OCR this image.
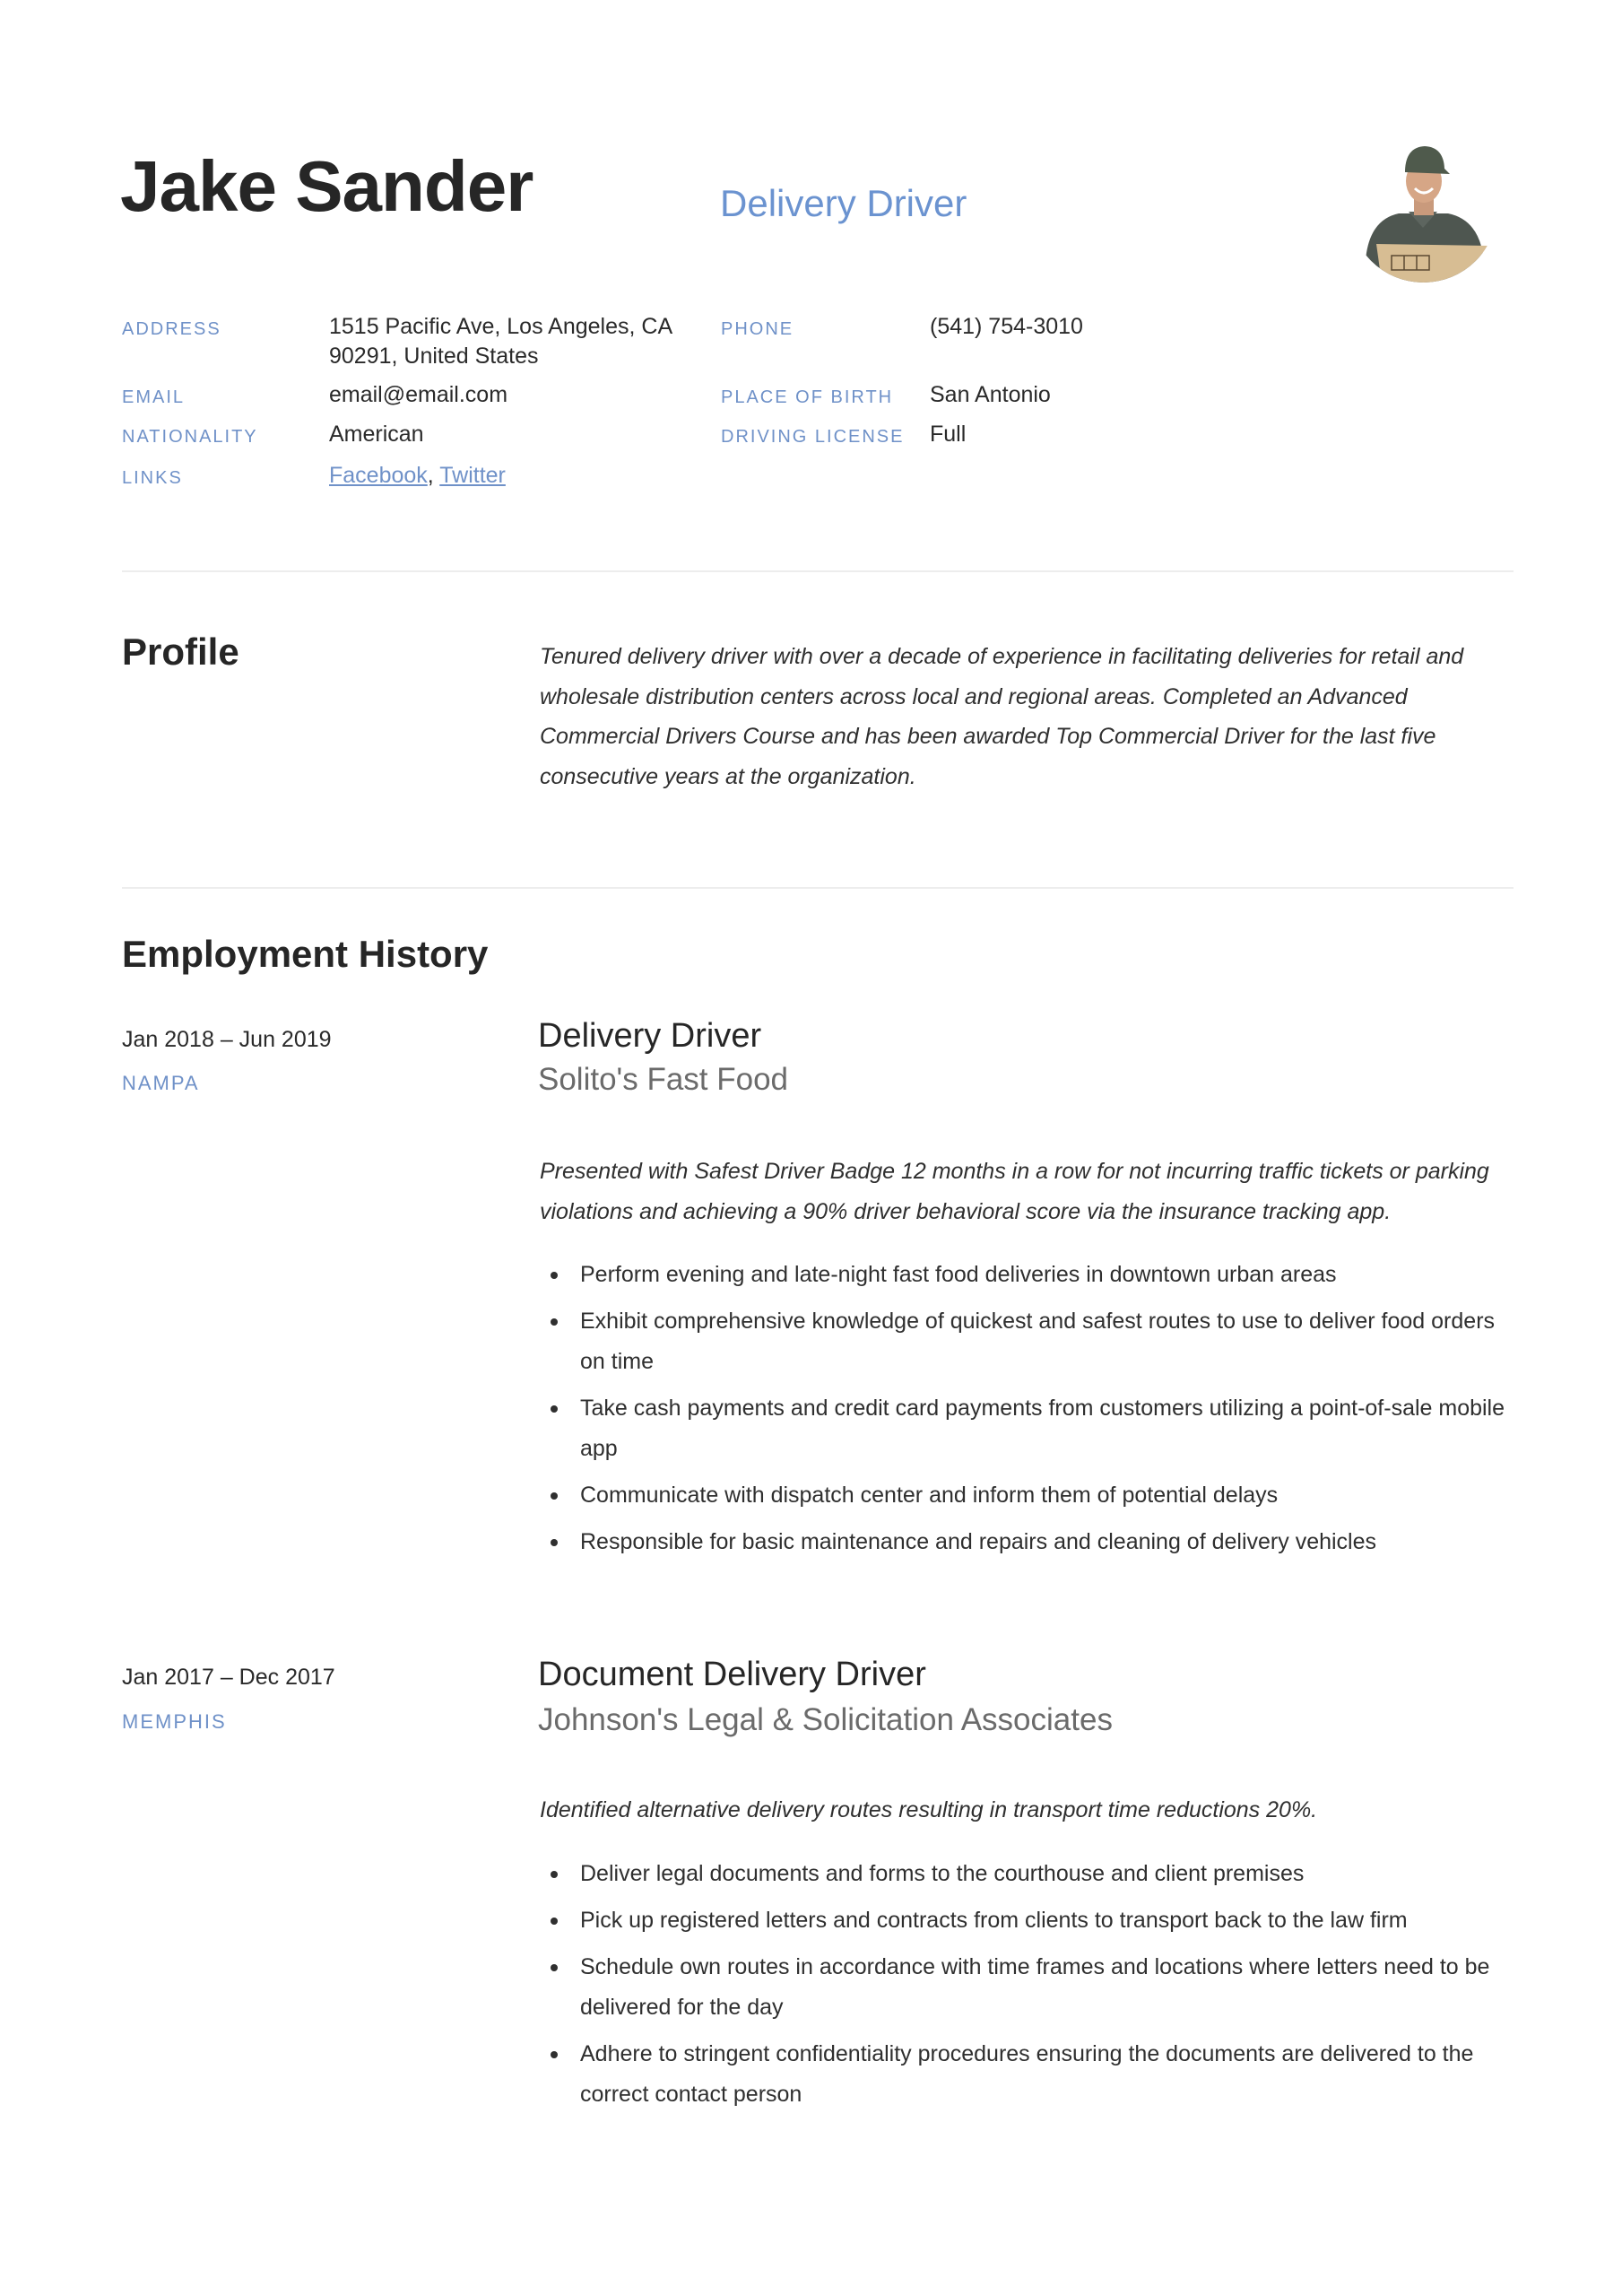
Jake Sander	Delivery Driver
ADDRESS	1515 Pacific Ave, Los Angeles, CA
90291, United States
EMAIL	email@email.com
NATIONALITY	American
LINKS	Facebook, Twitter
PHONE	(541) 754-3010
PLACE OF BIRTH San Antonio
DRIVING LICENSE Full
Profile	Tenured delivery driver with over a decade of experience in facilitating deliveries for retail and wholesale distribution centers across local and regional areas. Completed an Advanced Commercial Drivers Course and has been awarded Top Commercial Driver for the last five consecutive years at the organization.
Employment History
Jan 2018 – Jun 2019
NAMPA
Delivery Driver
Solito's Fast Food
Presented with Safest Driver Badge 12 months in a row for not incurring traffic tickets or parking violations and achieving a 90% driver behavioral score via the insurance tracking app.
Perform evening and late-night fast food deliveries in downtown urban areas
Exhibit comprehensive knowledge of quickest and safest routes to use to deliver food orders on time
Take cash payments and credit card payments from customers utilizing a point-of-sale mobile app
Communicate with dispatch center and inform them of potential delays
Responsible for basic maintenance and repairs and cleaning of delivery vehicles
Jan 2017 – Dec 2017
MEMPHIS
Document Delivery Driver
Johnson's Legal & Solicitation Associates
Identified alternative delivery routes resulting in transport time reductions 20%.
Deliver legal documents and forms to the courthouse and client premises
Pick up registered letters and contracts from clients to transport back to the law firm
Schedule own routes in accordance with time frames and locations where letters need to be delivered for the day
Adhere to stringent confidentiality procedures ensuring the documents are delivered to the correct contact person
